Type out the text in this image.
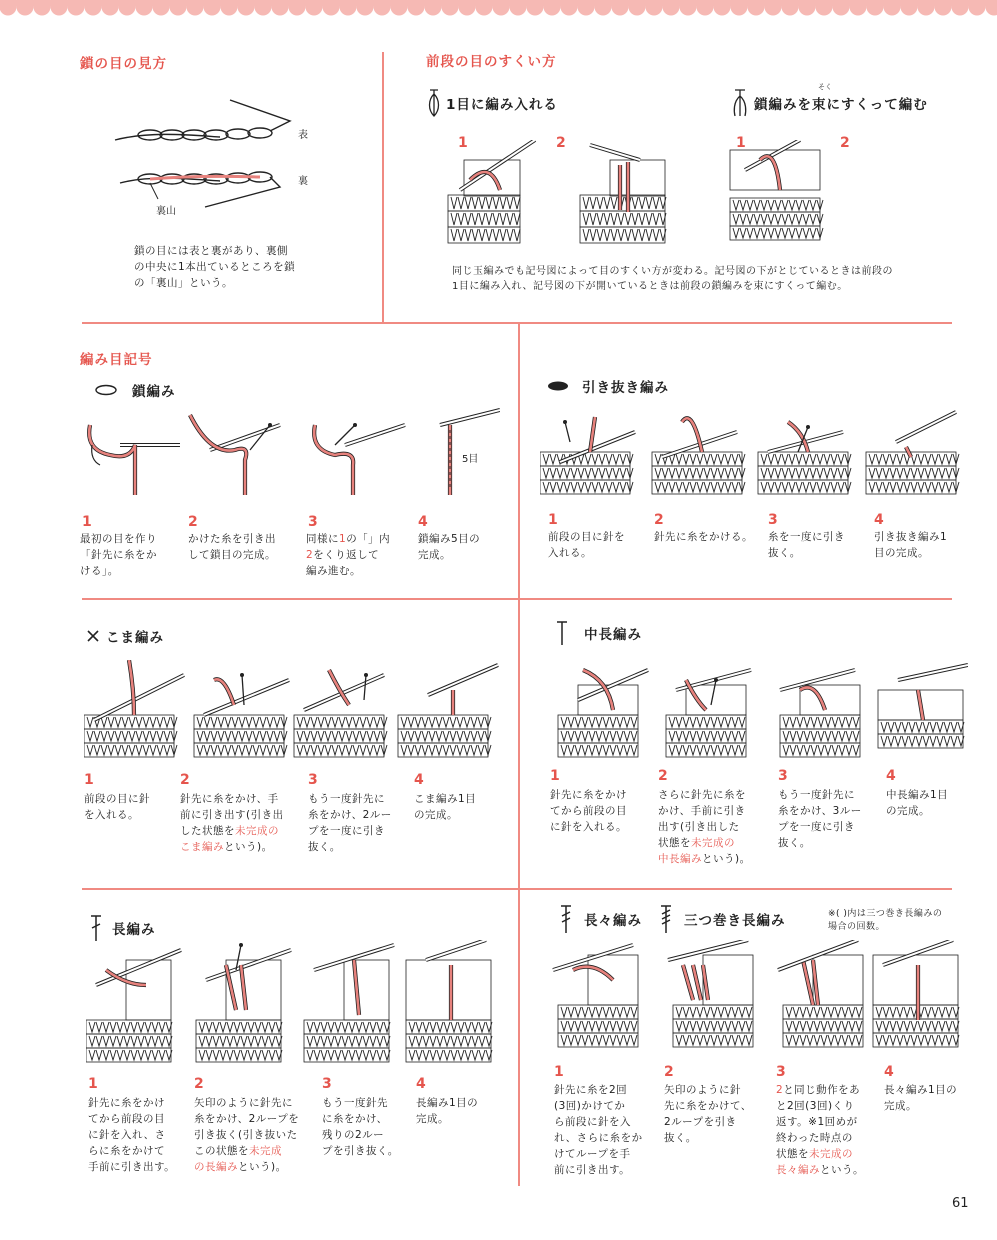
鎖の目の見方
表
裏
裏山
鎖の目には表と裏があり、裏側
の中央に1本出ているところを鎖
の「裏山」という。
前段の目のすくい方
1目に編み入れる
そく
鎖編みを束にすくって編む
1	2	1	2
同じ玉編みでも記号図によって目のすくい方が変わる。記号図の下がとじているときは前段の
1目に編み入れ、記号図の下が開いているときは前段の鎖編みを束にすくって編む。
編み目記号
鎖編み
5目
1
最初の目を作り
「針先に糸をか
ける」。
2
かけた糸を引き出
して鎖目の完成。
3
同様に1の「」内
2をくり返して
編み進む。
4
鎖編み5目の
完成。
引き抜き編み
1
前段の目に針を
入れる。
2
針先に糸をかける。
3
糸を一度に引き
抜く。
4
引き抜き編み1
目の完成。
こま編み
1
前段の目に針
を入れる。
2
針先に糸をかけ、手
前に引き出す(引き出
した状態を未完成の
こま編みという)。
3
もう一度針先に
糸をかけ、2ルー
プを一度に引き
抜く。
4
こま編み1目
の完成。
中長編み
1
針先に糸をかけ
てから前段の目
に針を入れる。
2
さらに針先に糸を
かけ、手前に引き
出す(引き出した
状態を未完成の
中長編みという)。
3
もう一度針先に
糸をかけ、3ルー
プを一度に引き
抜く。
4
中長編み1目
の完成。
長編み
1
針先に糸をかけ
てから前段の目
に針を入れ、さ
らに糸をかけて
手前に引き出す。
2
矢印のように針先に
糸をかけ、2ループを
引き抜く(引き抜いた
この状態を未完成
の長編みという)。
3
もう一度針先
に糸をかけ、
残りの2ルー
プを引き抜く。
4
長編み1目の
完成。
長々編み	三つ巻き長編み	※( )内は三つ巻き長編みの
場合の回数。
1
針先に糸を2回
(3回)かけてか
ら前段に針を入
れ、さらに糸をか
けてループを手
前に引き出す。
2
矢印のように針
先に糸をかけて、
2ループを引き
抜く。
3
2と同じ動作をあ
と2回(3回)くり
返す。※1回めが
終わった時点の
状態を未完成の
長々編みという。
4
長々編み1目の
完成。
61
